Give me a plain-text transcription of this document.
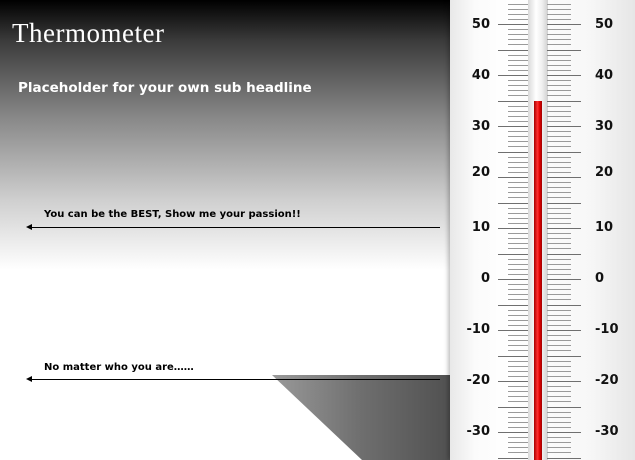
Thermometer
Placeholder for your own sub headline
You can be the BEST, Show me your passion!!
No matter who you are……
50
40
30
20
10
0
-10
-20
-30
50
40
30
20
10
0
-10
-20
-30
